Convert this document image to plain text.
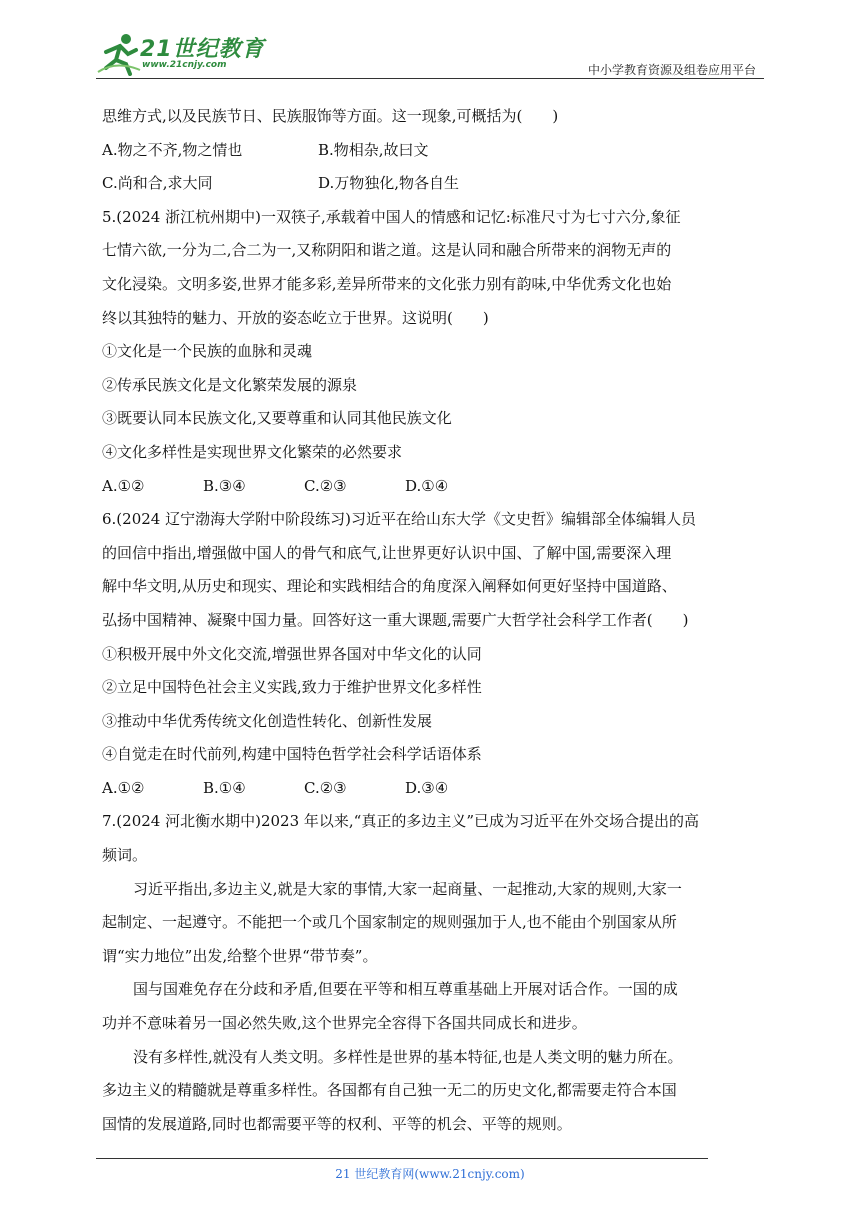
21世纪教育
www.21cnjy.com	中小学教育资源及组卷应用平台
思维方式,以及民族节日、民族服饰等方面。这一现象,可概括为(　　)
A.物之不齐,物之情也	B.物相杂,故曰文
C.尚和合,求大同	D.万物独化,物各自生
5.(2024 浙江杭州期中)一双筷子,承载着中国人的情感和记忆:标准尺寸为七寸六分,象征
七情六欲,一分为二,合二为一,又称阴阳和谐之道。这是认同和融合所带来的润物无声的
文化浸染。文明多姿,世界才能多彩,差异所带来的文化张力别有韵味,中华优秀文化也始
终以其独特的魅力、开放的姿态屹立于世界。这说明(　　)
①文化是一个民族的血脉和灵魂
②传承民族文化是文化繁荣发展的源泉
③既要认同本民族文化,又要尊重和认同其他民族文化
④文化多样性是实现世界文化繁荣的必然要求
A.①②	B.③④	C.②③	D.①④
6.(2024 辽宁渤海大学附中阶段练习)习近平在给山东大学《文史哲》编辑部全体编辑人员
的回信中指出,增强做中国人的骨气和底气,让世界更好认识中国、了解中国,需要深入理
解中华文明,从历史和现实、理论和实践相结合的角度深入阐释如何更好坚持中国道路、
弘扬中国精神、凝聚中国力量。回答好这一重大课题,需要广大哲学社会科学工作者(　　)
①积极开展中外文化交流,增强世界各国对中华文化的认同
②立足中国特色社会主义实践,致力于维护世界文化多样性
③推动中华优秀传统文化创造性转化、创新性发展
④自觉走在时代前列,构建中国特色哲学社会科学话语体系
A.①②	B.①④	C.②③	D.③④
7.(2024 河北衡水期中)2023 年以来,“真正的多边主义”已成为习近平在外交场合提出的高
频词。
习近平指出,多边主义,就是大家的事情,大家一起商量、一起推动,大家的规则,大家一
起制定、一起遵守。不能把一个或几个国家制定的规则强加于人,也不能由个别国家从所
谓“实力地位”出发,给整个世界“带节奏”。
国与国难免存在分歧和矛盾,但要在平等和相互尊重基础上开展对话合作。一国的成
功并不意味着另一国必然失败,这个世界完全容得下各国共同成长和进步。
没有多样性,就没有人类文明。多样性是世界的基本特征,也是人类文明的魅力所在。
多边主义的精髓就是尊重多样性。各国都有自己独一无二的历史文化,都需要走符合本国
国情的发展道路,同时也都需要平等的权利、平等的机会、平等的规则。
21 世纪教育网(www.21cnjy.com)
